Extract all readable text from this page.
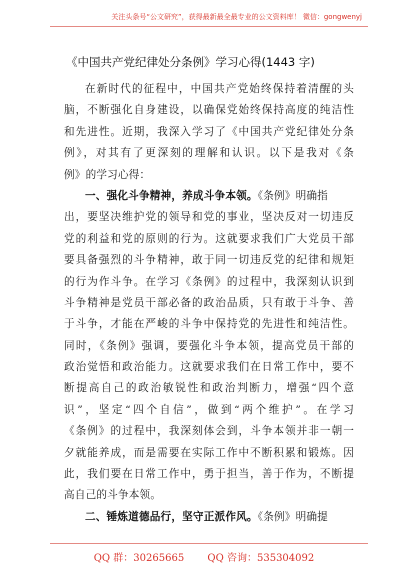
关注头条号“公文研究”，获得最新最全最专业的公文资料库！ 微信：gongwenyj
《中国共产党纪律处分条例》学习心得(1443 字)
在新时代的征程中，中国共产党始终保持着清醒的头
脑，不断强化自身建设，以确保党始终保持高度的纯洁性
和先进性。近期，我深入学习了《中国共产党纪律处分条
例》，对其有了更深刻的理解和认识。以下是我对《条
例》的学习心得：
一、强化斗争精神，养成斗争本领。《条例》明确指
出，要坚决维护党的领导和党的事业，坚决反对一切违反
党的利益和党的原则的行为。这就要求我们广大党员干部
要具备强烈的斗争精神，敢于同一切违反党的纪律和规矩
的行为作斗争。在学习《条例》的过程中，我深刻认识到
斗争精神是党员干部必备的政治品质，只有敢于斗争、善
于斗争，才能在严峻的斗争中保持党的先进性和纯洁性。
同时，《条例》强调，要强化斗争本领，提高党员干部的
政治觉悟和政治能力。这就要求我们在日常工作中，要不
断提高自己的政治敏锐性和政治判断力，增强“四个意
识”，坚定“四个自信”，做到“两个维护”。在学习
《条例》的过程中，我深刻体会到，斗争本领并非一朝一
夕就能养成，而是需要在实际工作中不断积累和锻炼。因
此，我们要在日常工作中，勇于担当，善于作为，不断提
高自己的斗争本领。
二、锤炼道德品行，坚守正派作风。《条例》明确提
QQ 群：30265665 QQ 咨询：535304092
